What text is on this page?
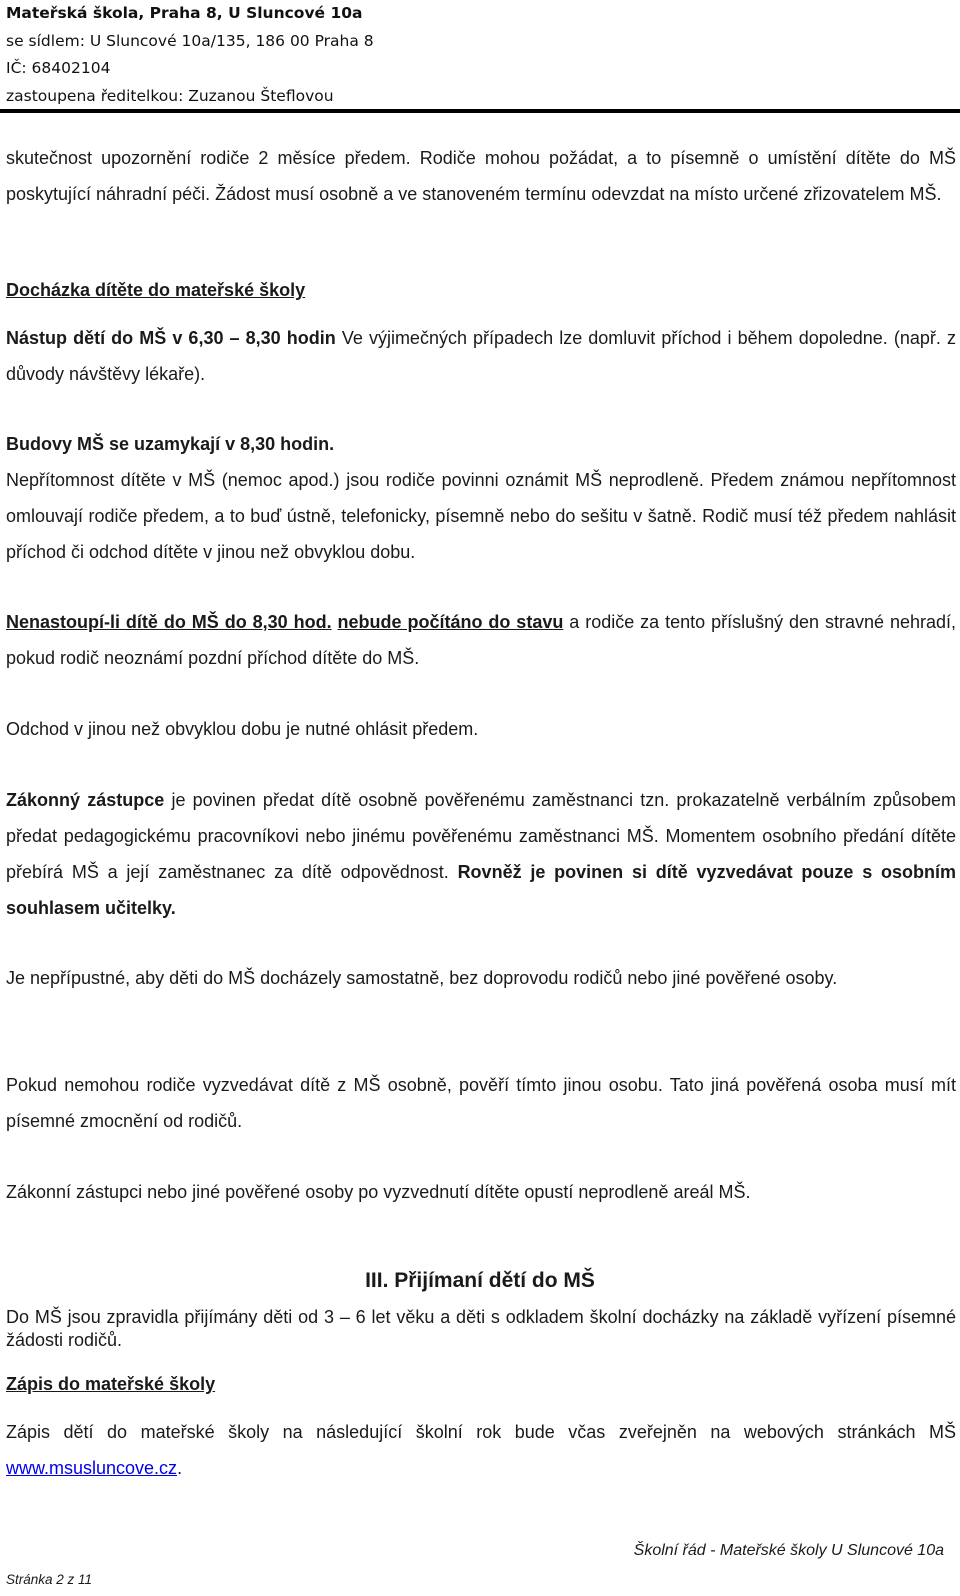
Mateřská škola, Praha 8, U Sluncové 10a
se sídlem: U Sluncové 10a/135, 186 00 Praha 8
IČ: 68402104
zastoupena ředitelkou: Zuzanou Šteflovou

skutečnost upozornění rodiče 2 měsíce předem. Rodiče mohou požádat, a to písemně o umístění dítěte do MŠ poskytující náhradní péči. Žádost musí osobně a ve stanoveném termínu odevzdat na místo určené zřizovatelem MŠ.

Docházka dítěte do mateřské školy

Nástup dětí do MŠ v 6,30 – 8,30 hodin Ve výjimečných případech lze domluvit příchod i během dopoledne. (např. z důvody návštěvy lékaře).

Budovy MŠ se uzamykají v 8,30 hodin.

Nepřítomnost dítěte v MŠ (nemoc apod.) jsou rodiče povinni oznámit MŠ neprodleně. Předem známou nepřítomnost omlouvají rodiče předem, a to buď ústně, telefonicky, písemně nebo do sešitu v šatně. Rodič musí též předem nahlásit příchod či odchod dítěte v jinou než obvyklou dobu.

Nenastoupí-li dítě do MŠ do 8,30 hod. nebude počítáno do stavu a rodiče za tento příslušný den stravné nehradí, pokud rodič neoznámí pozdní příchod dítěte do MŠ.

Odchod v jinou než obvyklou dobu je nutné ohlásit předem.

Zákonný zástupce je povinen předat dítě osobně pověřenému zaměstnanci tzn. prokazatelně verbálním způsobem předat pedagogickému pracovníkovi nebo jinému pověřenému zaměstnanci MŠ. Momentem osobního předání dítěte přebírá MŠ a její zaměstnanec za dítě odpovědnost. Rovněž je povinen si dítě vyzvedávat pouze s osobním souhlasem učitelky.

Je nepřípustné, aby děti do MŠ docházely samostatně, bez doprovodu rodičů nebo jiné pověřené osoby.

Pokud nemohou rodiče vyzvedávat dítě z MŠ osobně, pověří tímto jinou osobu. Tato jiná pověřená osoba musí mít písemné zmocnění od rodičů.

Zákonní zástupci nebo jiné pověřené osoby po vyzvednutí dítěte opustí neprodleně areál MŠ.

III. Přijímaní dětí do MŠ

Do MŠ jsou zpravidla přijímány děti od 3 – 6 let věku a děti s odkladem školní docházky na základě vyřízení písemné žádosti rodičů.

Zápis do mateřské školy

Zápis dětí do mateřské školy na následující školní rok bude včas zveřejněn na webových stránkách MŠ www.msusluncove.cz.

Školní řád - Mateřské školy U Sluncové 10a
Stránka 2 z 11
